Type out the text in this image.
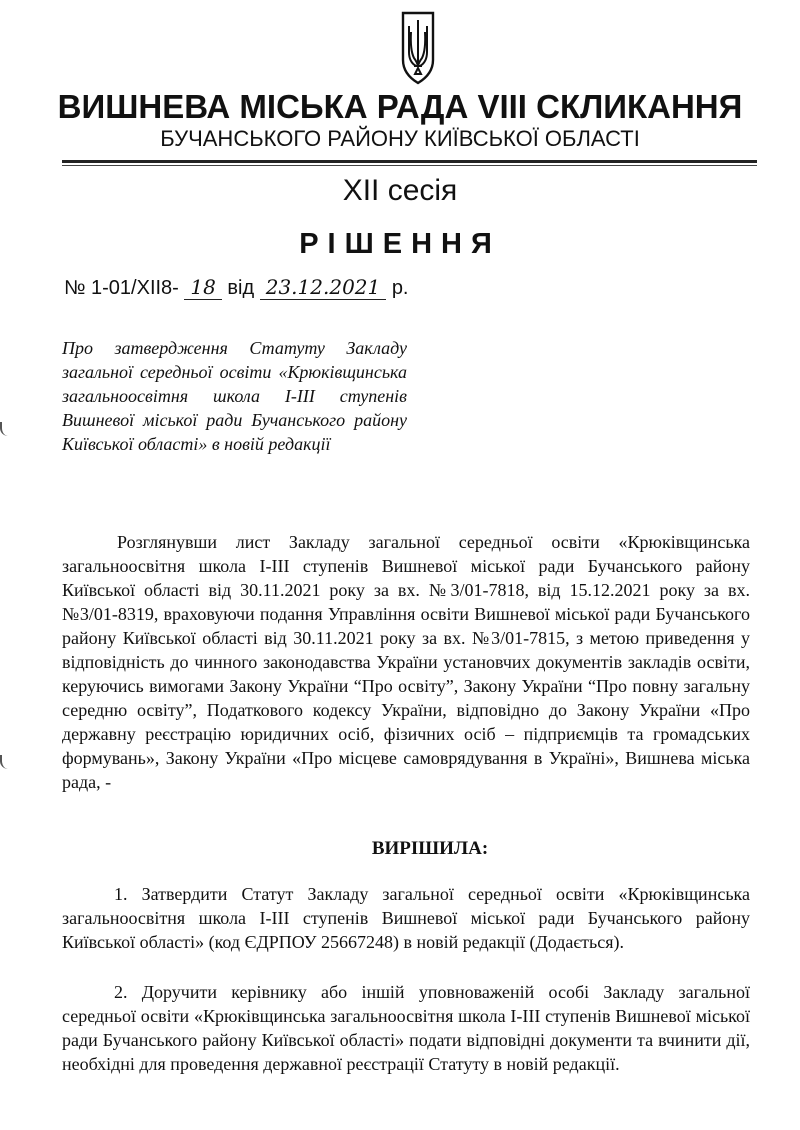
ВИШНЕВА МІСЬКА РАДА VIII СКЛИКАННЯ
БУЧАНСЬКОГО РАЙОНУ КИЇВСЬКОЇ ОБЛАСТІ
XII сесія
РІШЕННЯ
№ 1-01/XII8- 18 від 23.12.2021 р.
Про затвердження Статуту Закладу загальної середньої освіти «Крюківщинська загальноосвітня школа І-ІІІ ступенів Вишневої міської ради Бучанського району Київської області» в новій редакції
Розглянувши лист Закладу загальної середньої освіти «Крюківщинська загальноосвітня школа І-ІІІ ступенів Вишневої міської ради Бучанського району Київської області від 30.11.2021 року за вх. №3/01-7818, від 15.12.2021 року за вх. №3/01-8319, враховуючи подання Управління освіти Вишневої міської ради Бучанського району Київської області від 30.11.2021 року за вх. №3/01-7815, з метою приведення у відповідність до чинного законодавства України установчих документів закладів освіти, керуючись вимогами Закону України “Про освіту”, Закону України “Про повну загальну середню освіту”, Податкового кодексу України, відповідно до Закону України «Про державну реєстрацію юридичних осіб, фізичних осіб – підприємців та громадських формувань», Закону України «Про місцеве самоврядування в Україні», Вишнева міська рада, -
ВИРІШИЛА:
1. Затвердити Статут Закладу загальної середньої освіти «Крюківщинська загальноосвітня школа І-ІІІ ступенів Вишневої міської ради Бучанського району Київської області» (код ЄДРПОУ 25667248) в новій редакції (Додається).
2. Доручити керівнику або іншій уповноваженій особі Закладу загальної середньої освіти «Крюківщинська загальноосвітня школа І-ІІІ ступенів Вишневої міської ради Бучанського району Київської області» подати відповідні документи та вчинити дії, необхідні для проведення державної реєстрації Статуту в новій редакції.
